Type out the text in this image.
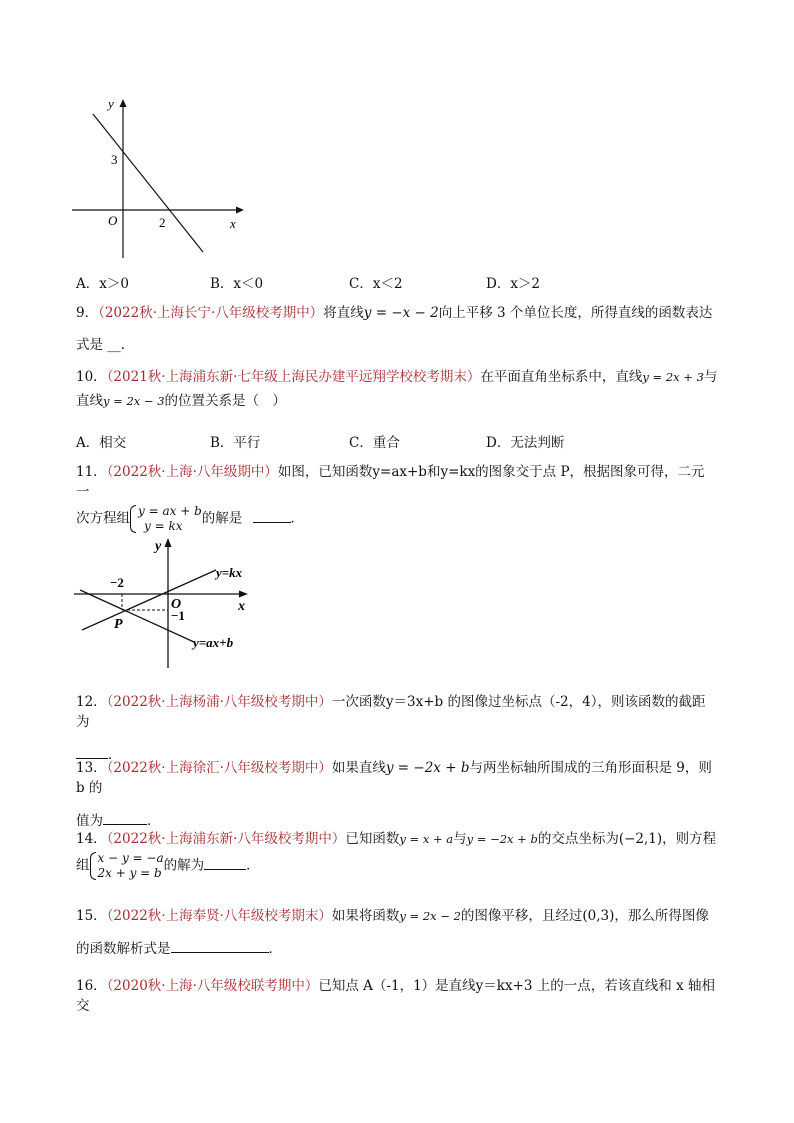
y
x
O
3
2
A．x＞0	B．x＜0	C．x＜2	D．x＞2
9．（2022秋·上海长宁·八年级校考期中）将直线y = −x − 2向上平移 3 个单位长度，所得直线的函数表达
式是 __.
10．（2021秋·上海浦东新·七年级上海民办建平远翔学校校考期末）在平面直角坐标系中，直线y = 2x + 3与
直线y = 2x − 3的位置关系是（　）
A．相交	B．平行	C．重合	D．无法判断
11．（2022秋·上海·八年级期中）如图，已知函数y=ax+b和y=kx的图象交于点 P，根据图象可得，二元一
次方程组 y = ax + b
y = kx	的解是	．
y
x
O
−2
−1
P
y=kx
y=ax+b
12．（2022秋·上海杨浦·八年级校考期中）一次函数y＝3x+b 的图像过坐标点（-2，4），则该函数的截距为
．
13．（2022秋·上海徐汇·八年级校考期中）如果直线y = −2x + b与两坐标轴所围成的三角形面积是 9，则 b 的
值为	．
14．（2022秋·上海浦东新·八年级校考期中）已知函数y = x + a与y = −2x + b的交点坐标为(−2,1)，则方程
组 x − y = −a
2x + y = b 的解为	．
15．（2022秋·上海奉贤·八年级校考期末）如果将函数y = 2x − 2的图像平移，且经过(0,3)，那么所得图像
的函数解析式是	．
16．（2020秋·上海·八年级校联考期中）已知点 A（-1，1）是直线y＝kx+3 上的一点，若该直线和 x 轴相交
